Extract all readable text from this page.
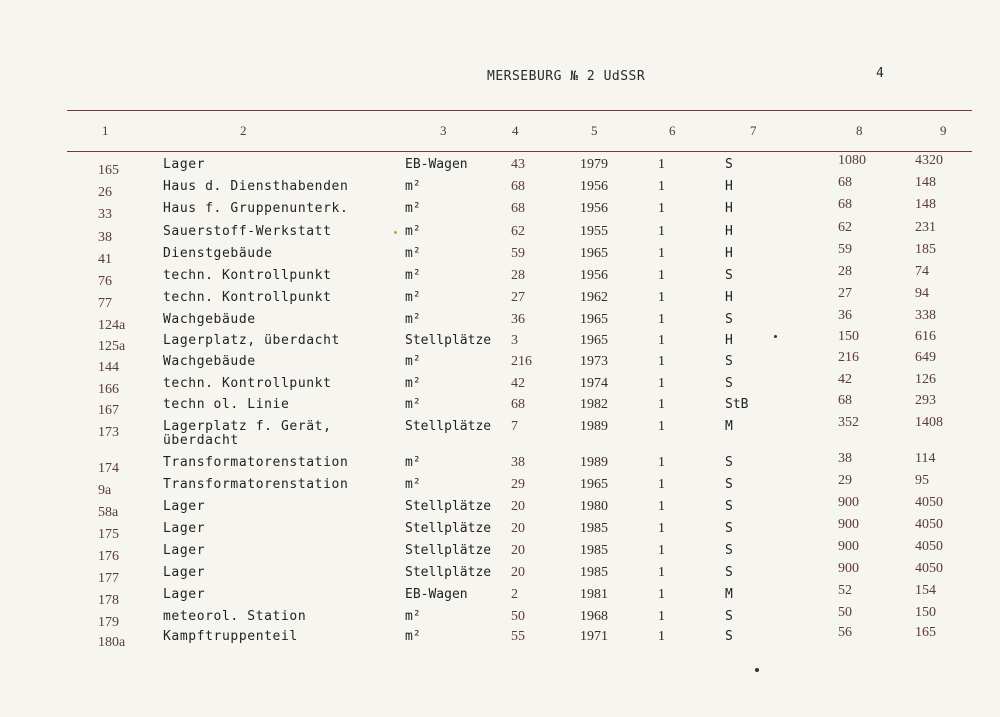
MERSEBURG № 2 UdSSR	4
1	2	3	4	5	6	7	8	9
165	Lager	EB-Wagen	43	1979	1	S	1080	4320
26	Haus d. Diensthabenden	m²	68	1956	1	H	68	148
33	Haus f. Gruppenunterk.	m²	68	1956	1	H	68	148
38	Sauerstoff-Werkstatt	m²	62	1955	1	H	62	231
41	Dienstgebäude	m²	59	1965	1	H	59	185
76	techn. Kontrollpunkt	m²	28	1956	1	S	28	74
77	techn. Kontrollpunkt	m²	27	1962	1	H	27	94
124a	Wachgebäude	m²	36	1965	1	S	36	338
125a	Lagerplatz, überdacht	Stellplätze 3	1965	1	H	150	616
144	Wachgebäude	m²	216	1973	1	S	216	649
166	techn. Kontrollpunkt	m²	42	1974	1	S	42	126
167	techn ol. Linie	m²	68	1982	1	StB	68	293
173	Lagerplatz f. Gerät,	Stellplätze 7	1989	1	M	352	1408
überdacht
174	Transformatorenstation	m²	38	1989	1	S	38	114
9a	Transformatorenstation	m²	29	1965	1	S	29	95
58a	Lager	Stellplätze 20	1980	1	S	900	4050
175	Lager	Stellplätze 20	1985	1	S	900	4050
176	Lager	Stellplätze 20	1985	1	S	900	4050
177	Lager	Stellplätze 20	1985	1	S	900	4050
178	Lager	EB-Wagen	2	1981	1	M	52	154
179	meteorol. Station	m²	50	1968	1	S	50	150
180a	Kampftruppenteil	m²	55	1971	1	S	56	165
